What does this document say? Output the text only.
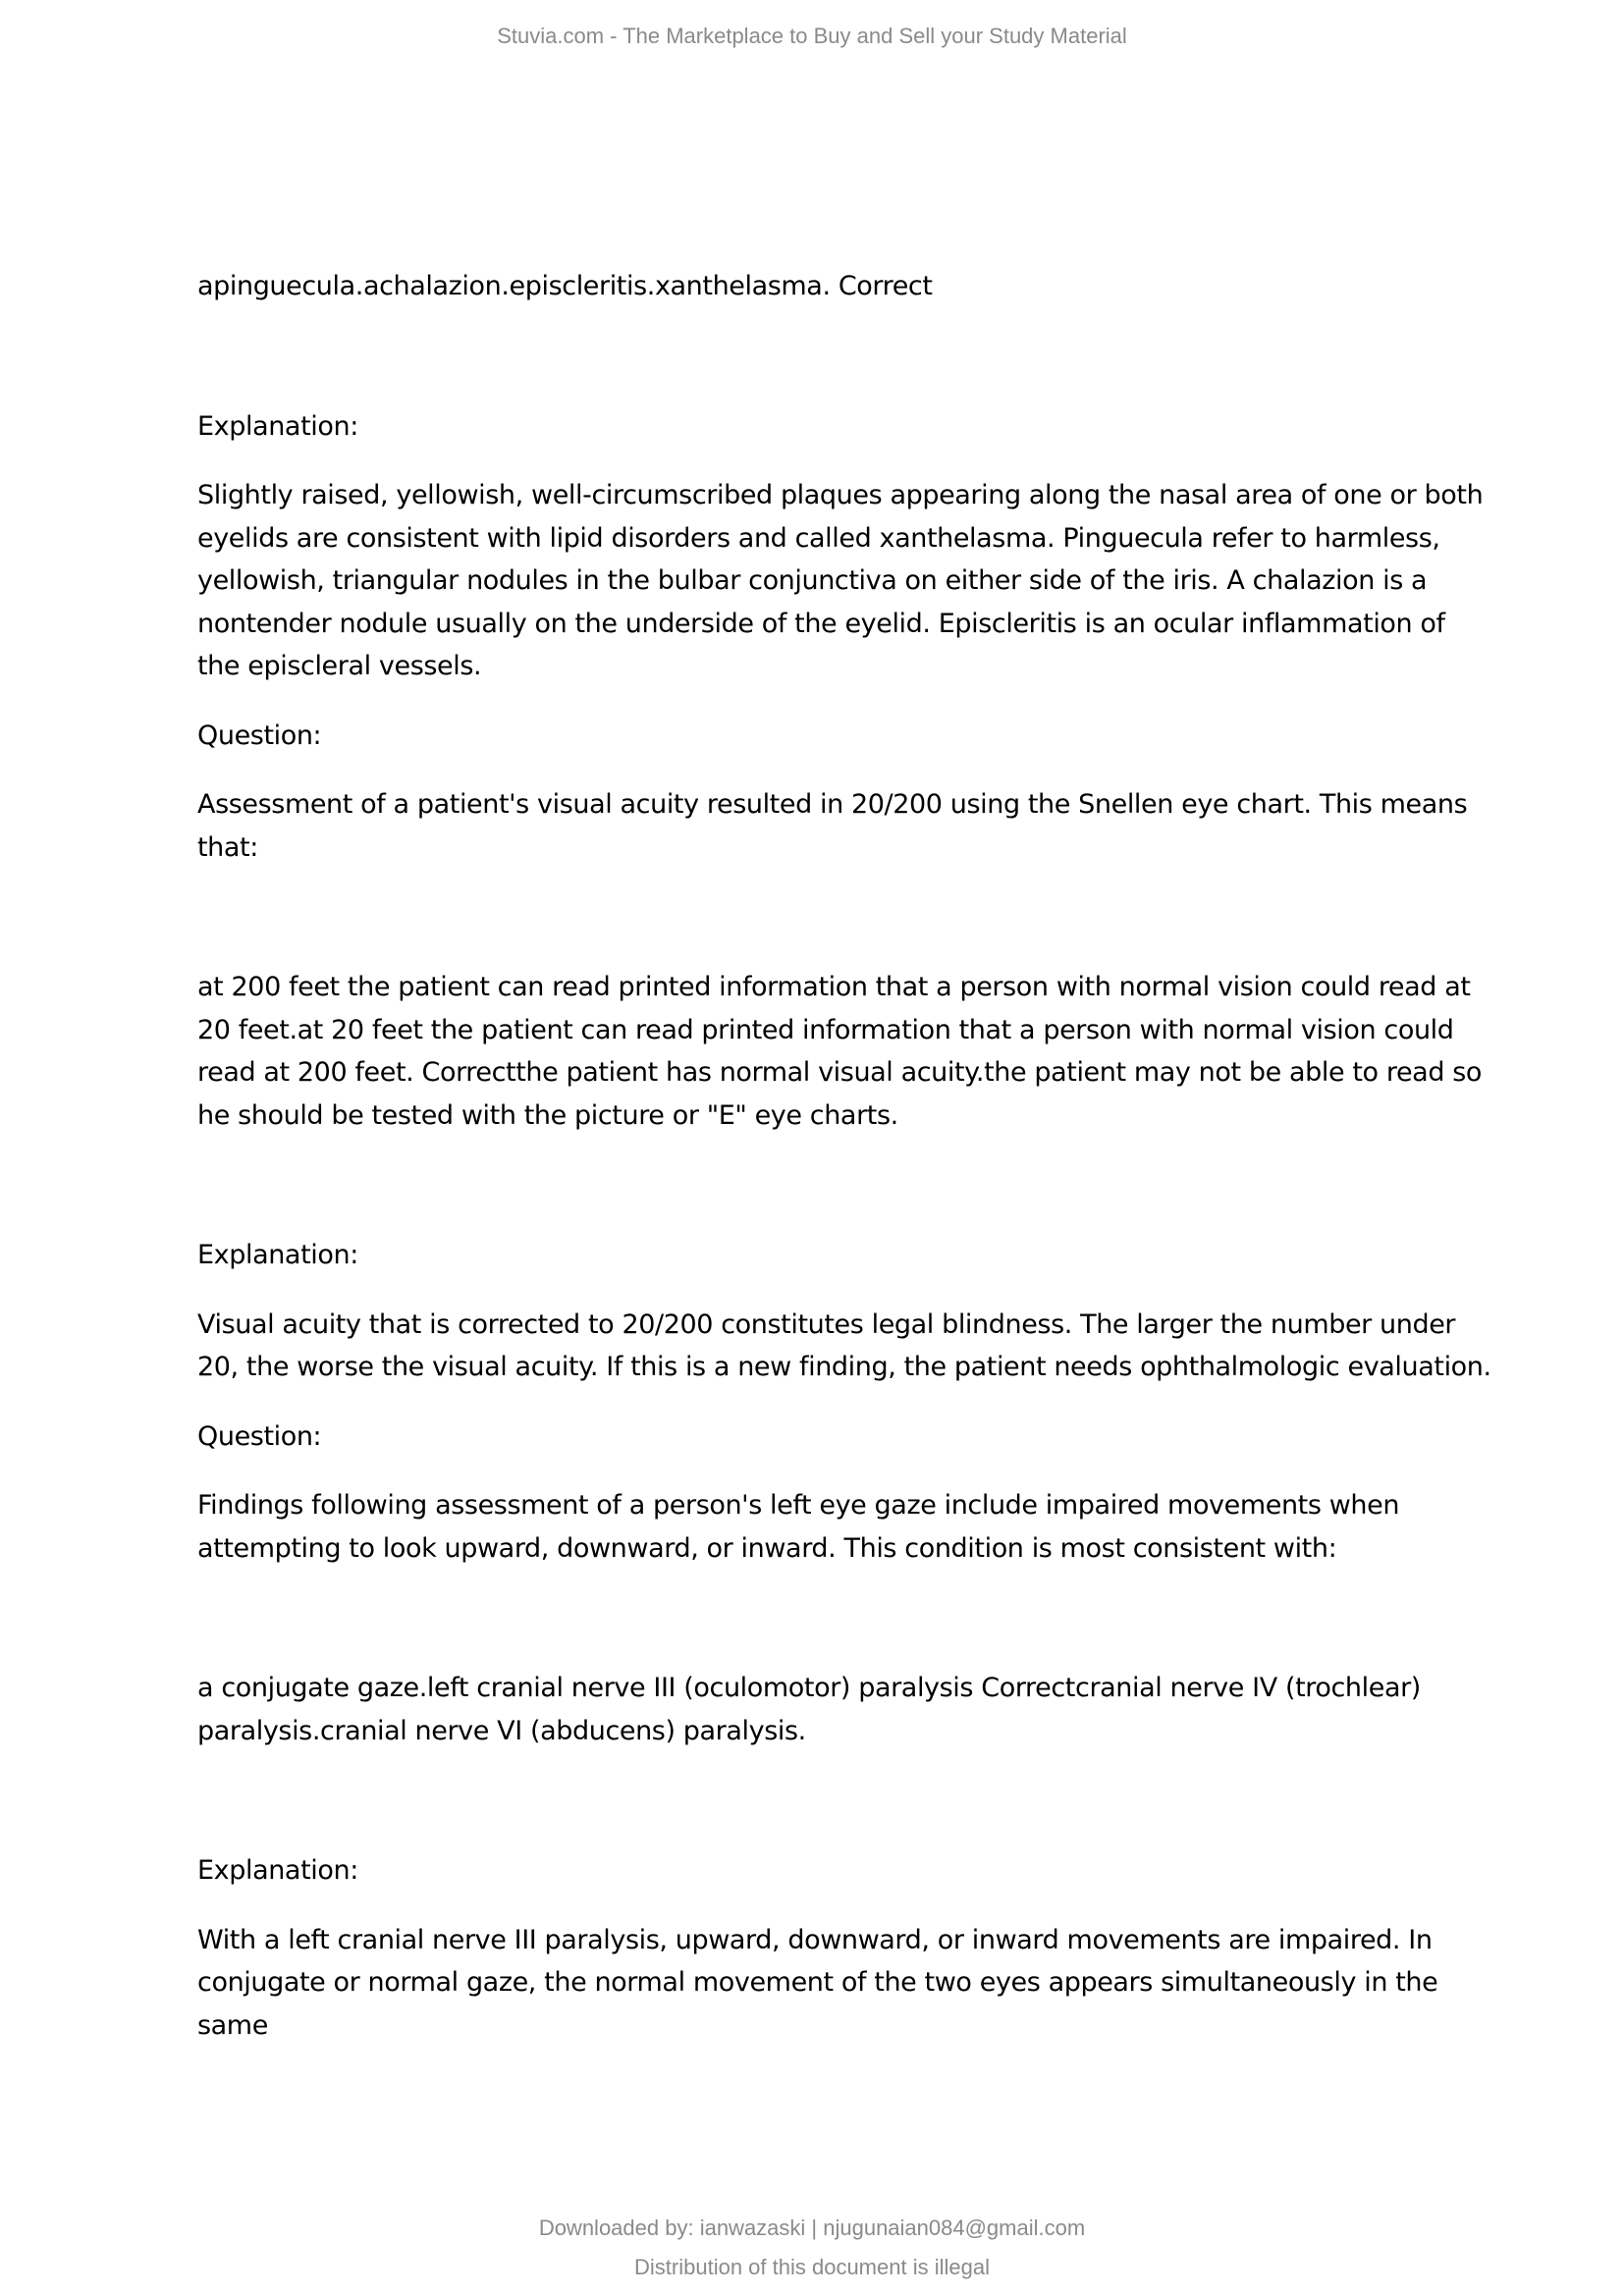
Stuvia.com - The Marketplace to Buy and Sell your Study Material

apinguecula.achalazion.episcleritis.xanthelasma. Correct

Explanation:

Slightly raised, yellowish, well-circumscribed plaques appearing along the nasal area of one or both eyelids are consistent with lipid disorders and called xanthelasma. Pinguecula refer to harmless, yellowish, triangular nodules in the bulbar conjunctiva on either side of the iris. A chalazion is a nontender nodule usually on the underside of the eyelid. Episcleritis is an ocular inflammation of the episcleral vessels.

Question:

Assessment of a patient's visual acuity resulted in 20/200 using the Snellen eye chart. This means that:

at 200 feet the patient can read printed information that a person with normal vision could read at 20 feet.at 20 feet the patient can read printed information that a person with normal vision could read at 200 feet. Correctthe patient has normal visual acuity.the patient may not be able to read so he should be tested with the picture or "E" eye charts.

Explanation:

Visual acuity that is corrected to 20/200 constitutes legal blindness. The larger the number under 20, the worse the visual acuity. If this is a new finding, the patient needs ophthalmologic evaluation.

Question:

Findings following assessment of a person's left eye gaze include impaired movements when attempting to look upward, downward, or inward. This condition is most consistent with:

a conjugate gaze.left cranial nerve III (oculomotor) paralysis Correctcranial nerve IV (trochlear) paralysis.cranial nerve VI (abducens) paralysis.

Explanation:

With a left cranial nerve III paralysis, upward, downward, or inward movements are impaired. In conjugate or normal gaze, the normal movement of the two eyes appears simultaneously in the same

Downloaded by: ianwazaski | njugunaian084@gmail.com
Distribution of this document is illegal
